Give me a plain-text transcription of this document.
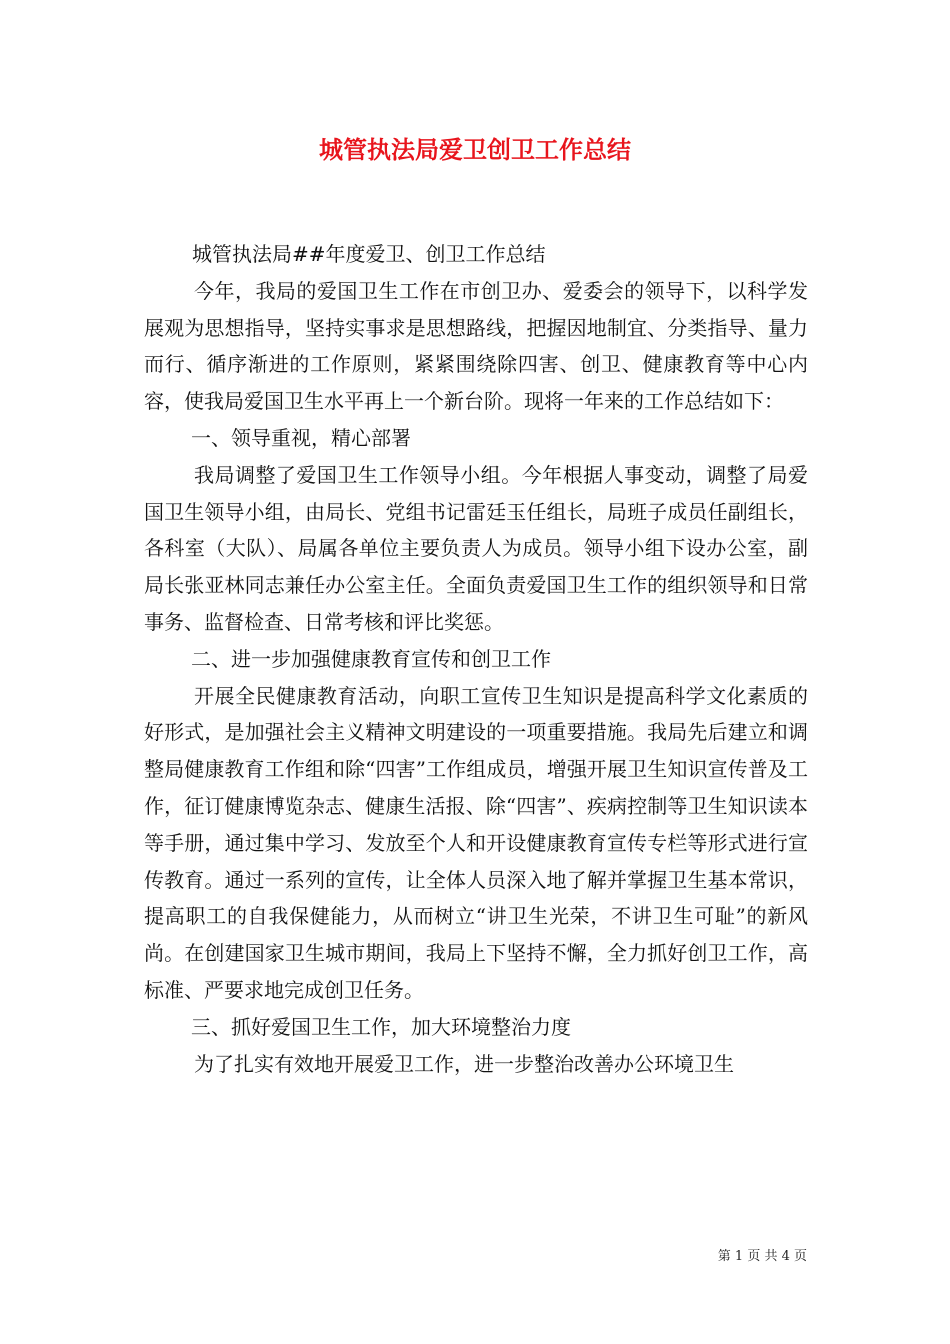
城管执法局爱卫创卫工作总结

城管执法局##年度爱卫、创卫工作总结

今年，我局的爱国卫生工作在市创卫办、爱委会的领导下，以科学发展观为思想指导，坚持实事求是思想路线，把握因地制宜、分类指导、量力而行、循序渐进的工作原则，紧紧围绕除四害、创卫、健康教育等中心内容，使我局爱国卫生水平再上一个新台阶。现将一年来的工作总结如下：

一、领导重视，精心部署

我局调整了爱国卫生工作领导小组。今年根据人事变动，调整了局爱国卫生领导小组，由局长、党组书记雷廷玉任组长，局班子成员任副组长，各科室（大队）、局属各单位主要负责人为成员。领导小组下设办公室，副局长张亚林同志兼任办公室主任。全面负责爱国卫生工作的组织领导和日常事务、监督检查、日常考核和评比奖惩。

二、进一步加强健康教育宣传和创卫工作

开展全民健康教育活动，向职工宣传卫生知识是提高科学文化素质的好形式，是加强社会主义精神文明建设的一项重要措施。我局先后建立和调整局健康教育工作组和除“四害”工作组成员，增强开展卫生知识宣传普及工作，征订健康博览杂志、健康生活报、除“四害”、疾病控制等卫生知识读本等手册，通过集中学习、发放至个人和开设健康教育宣传专栏等形式进行宣传教育。通过一系列的宣传，让全体人员深入地了解并掌握卫生基本常识，提高职工的自我保健能力，从而树立“讲卫生光荣，不讲卫生可耻”的新风尚。在创建国家卫生城市期间，我局上下坚持不懈，全力抓好创卫工作，高标准、严要求地完成创卫任务。

三、抓好爱国卫生工作，加大环境整治力度

为了扎实有效地开展爱卫工作，进一步整治改善办公环境卫生

第 1 页 共 4 页
